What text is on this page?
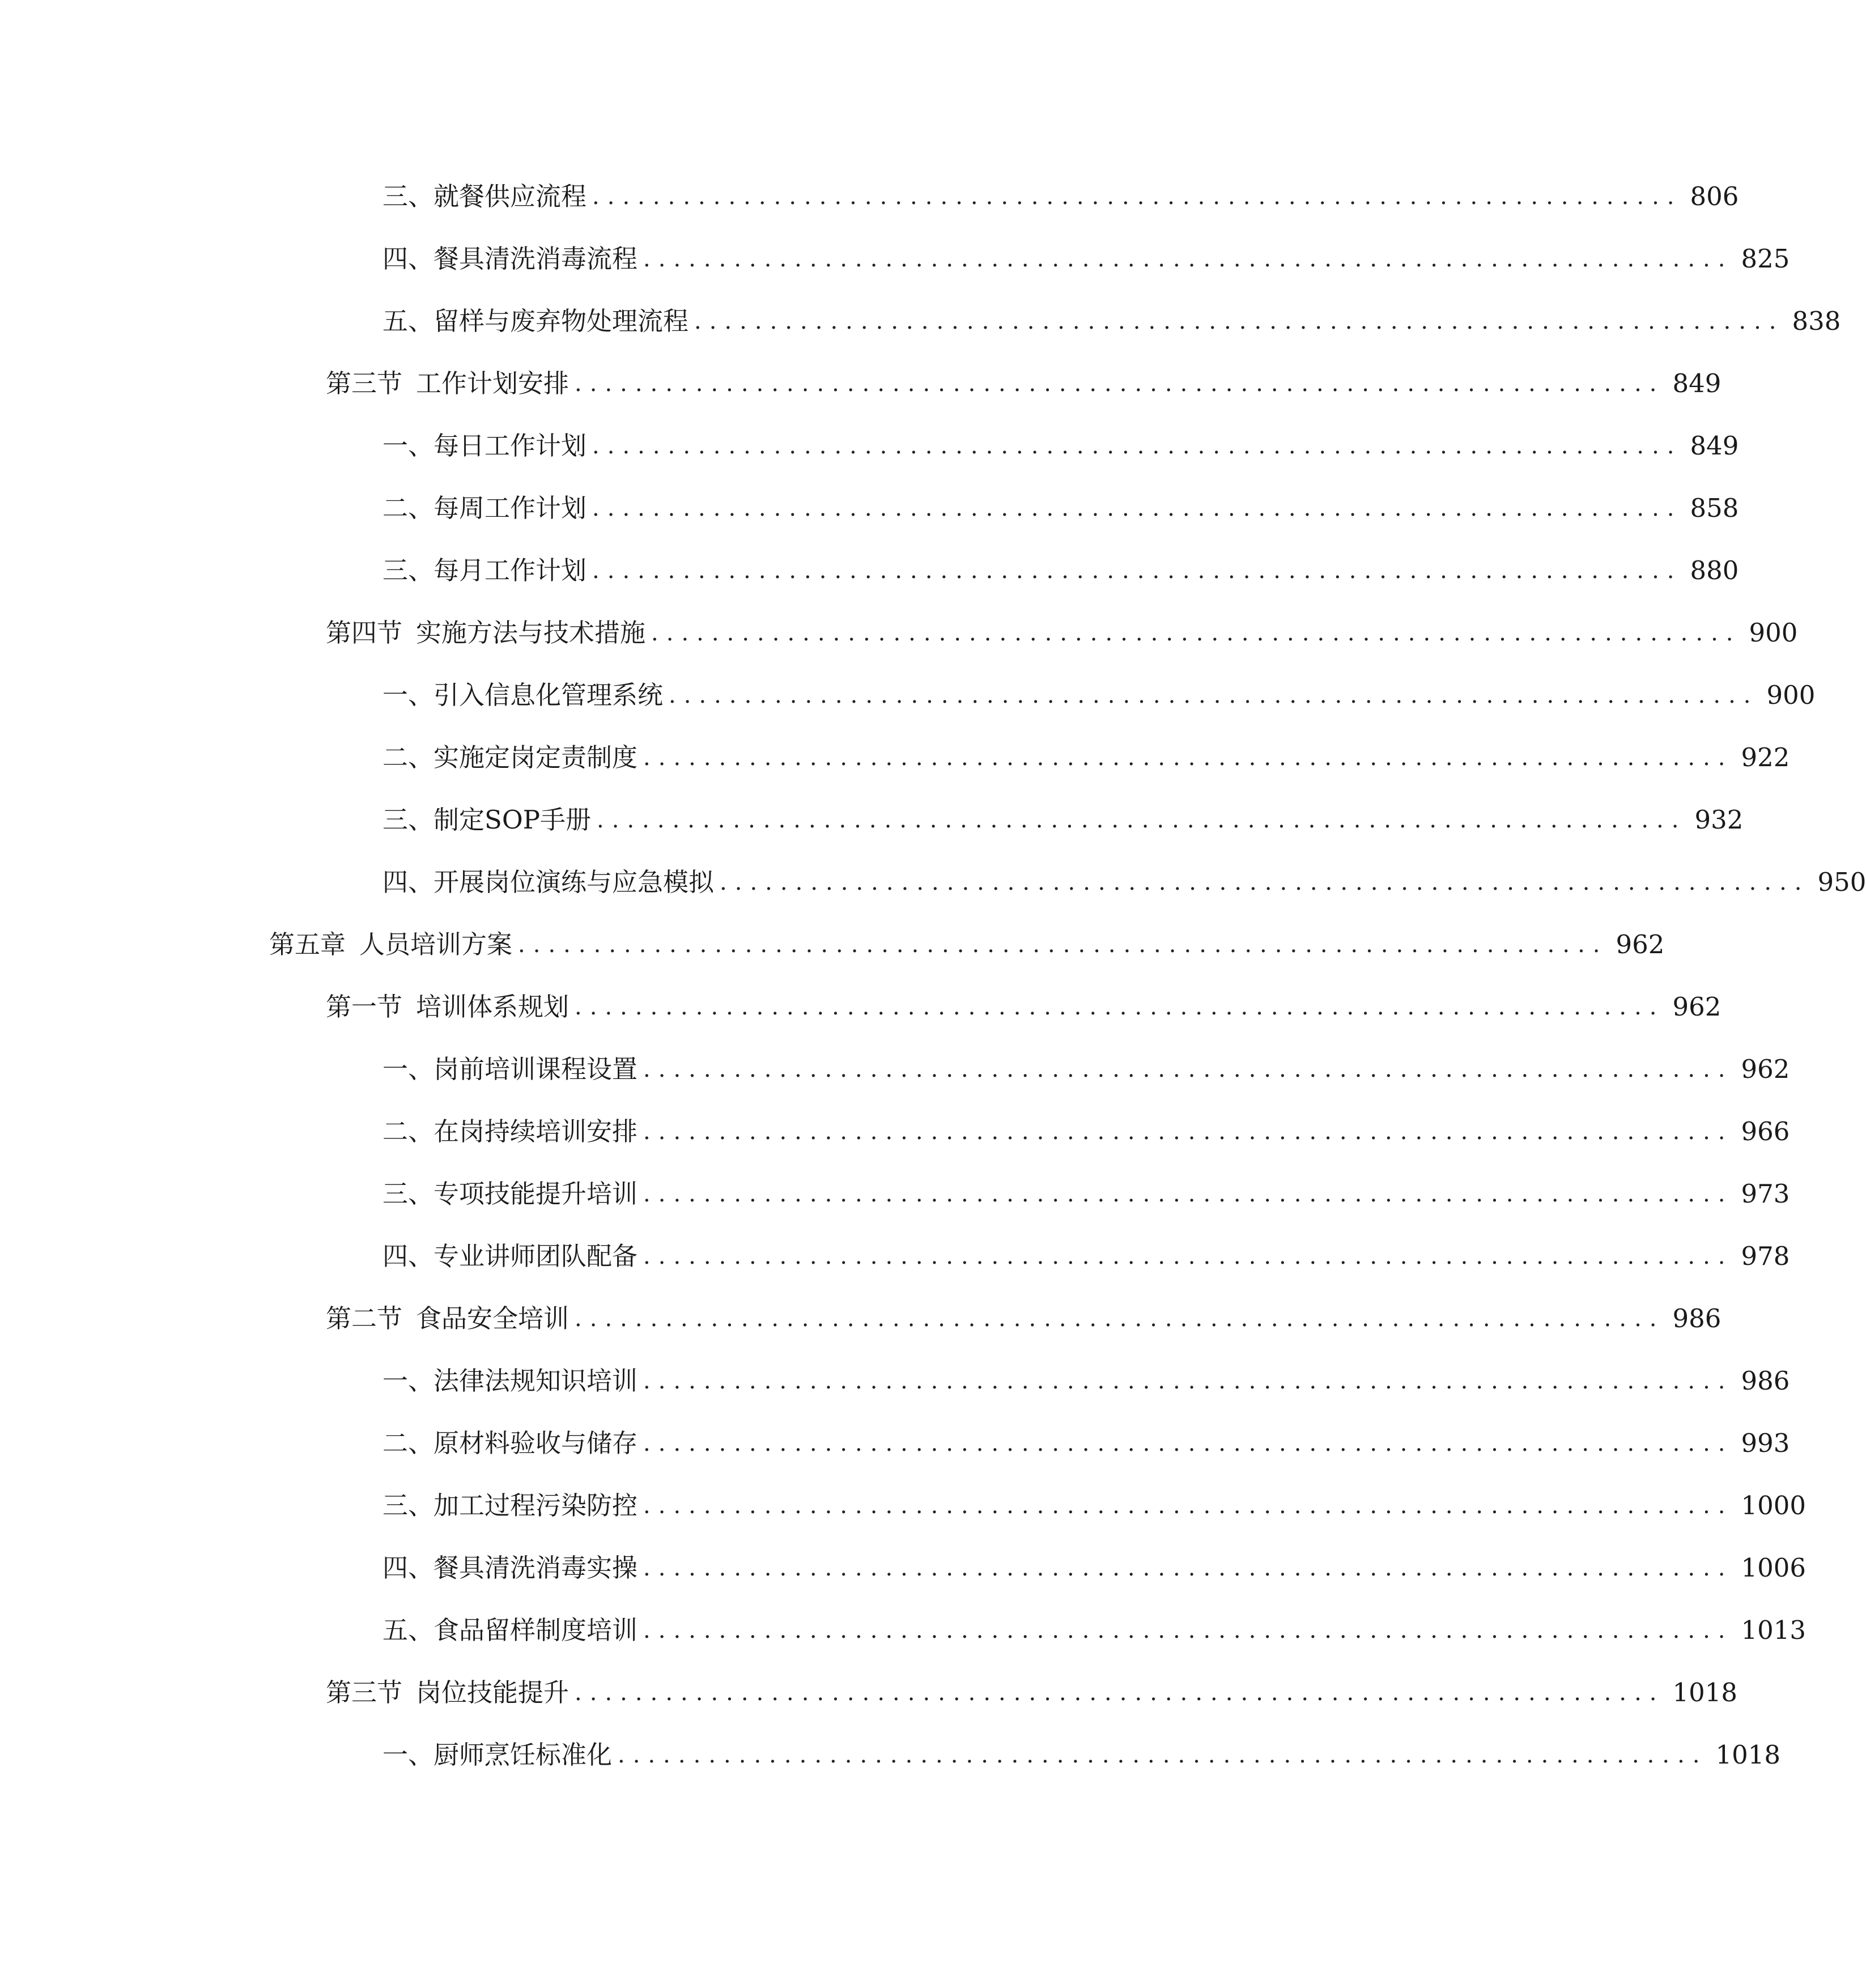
三、 就餐供应流程 ........................................................................ 806
四、 餐具清洗消毒流程 ........................................................................ 825
五、 留样与废弃物处理流程 ........................................................................ 838
第三节 工作计划安排 ........................................................................ 849
一、 每日工作计划 ........................................................................ 849
二、 每周工作计划 ........................................................................ 858
三、 每月工作计划 ........................................................................ 880
第四节 实施方法与技术措施 ........................................................................ 900
一、 引入信息化管理系统 ........................................................................ 900
二、 实施定岗定责制度 ........................................................................ 922
三、 制定SOP手册 ........................................................................ 932
四、 开展岗位演练与应急模拟 ........................................................................ 950
第五章 人员培训方案 ........................................................................ 962
第一节 培训体系规划 ........................................................................ 962
一、 岗前培训课程设置 ........................................................................ 962
二、 在岗持续培训安排 ........................................................................ 966
三、 专项技能提升培训 ........................................................................ 973
四、 专业讲师团队配备 ........................................................................ 978
第二节 食品安全培训 ........................................................................ 986
一、 法律法规知识培训 ........................................................................ 986
二、 原材料验收与储存 ........................................................................ 993
三、 加工过程污染防控 ........................................................................ 1000
四、 餐具清洗消毒实操 ........................................................................ 1006
五、 食品留样制度培训 ........................................................................ 1013
第三节 岗位技能提升 ........................................................................ 1018
一、 厨师烹饪标准化 ........................................................................ 1018
